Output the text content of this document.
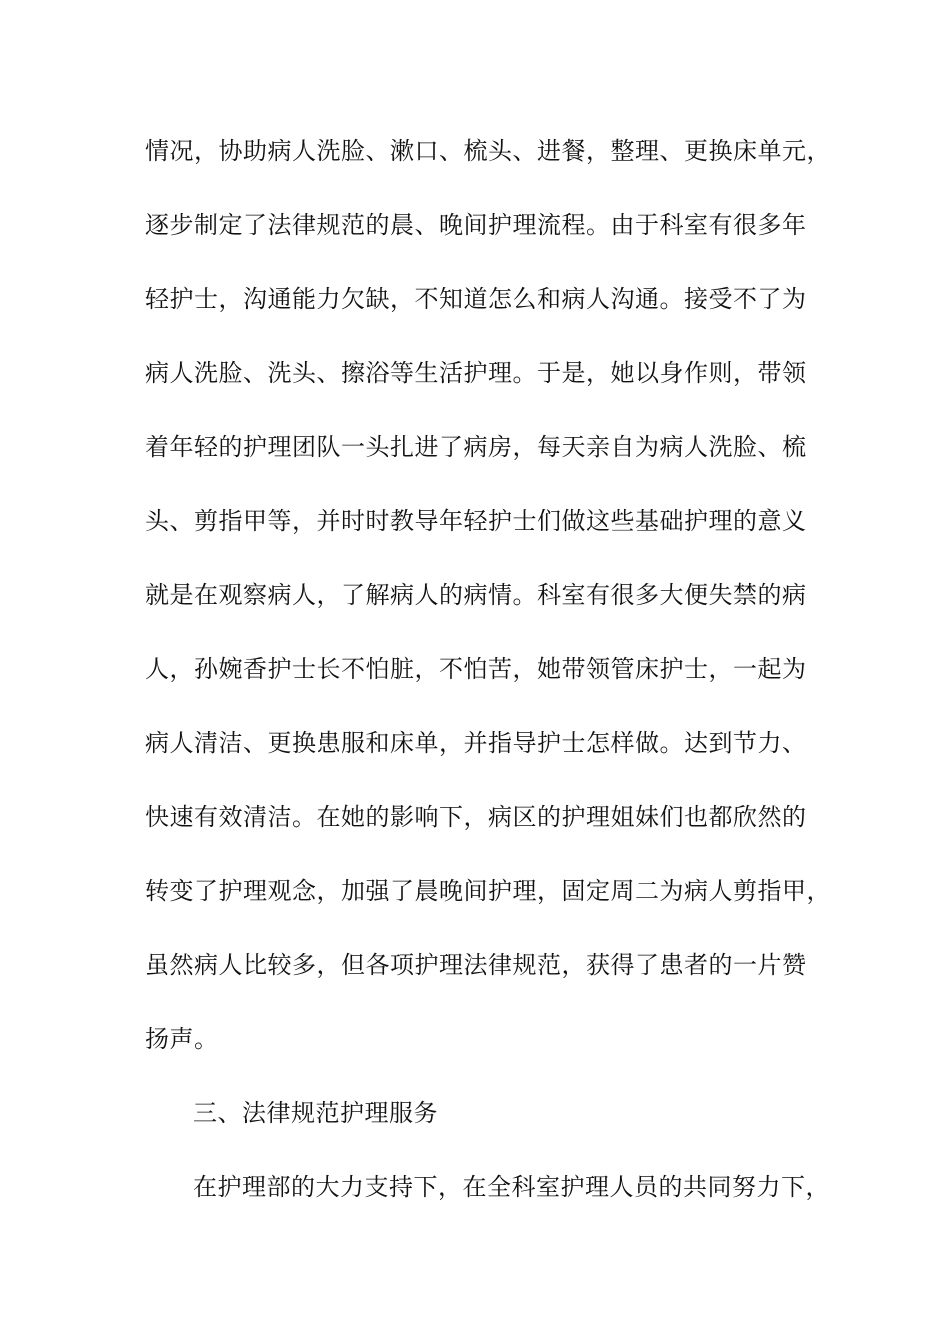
情况，协助病人洗脸、漱口、梳头、进餐，整理、更换床单元，
逐步制定了法律规范的晨、晚间护理流程。由于科室有很多年
轻护士，沟通能力欠缺，不知道怎么和病人沟通。接受不了为
病人洗脸、洗头、擦浴等生活护理。于是，她以身作则，带领
着年轻的护理团队一头扎进了病房，每天亲自为病人洗脸、梳
头、剪指甲等，并时时教导年轻护士们做这些基础护理的意义
就是在观察病人，了解病人的病情。科室有很多大便失禁的病
人，孙婉香护士长不怕脏，不怕苦，她带领管床护士，一起为
病人清洁、更换患服和床单，并指导护士怎样做。达到节力、
快速有效清洁。在她的影响下，病区的护理姐妹们也都欣然的
转变了护理观念，加强了晨晚间护理，固定周二为病人剪指甲，
虽然病人比较多，但各项护理法律规范，获得了患者的一片赞
扬声。
三、法律规范护理服务
在护理部的大力支持下，在全科室护理人员的共同努力下，
